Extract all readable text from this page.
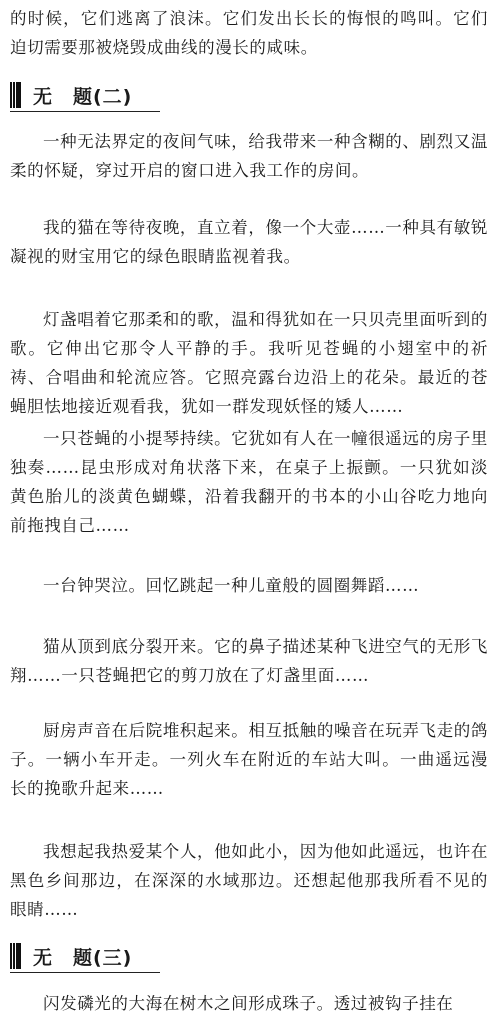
的时候，它们逃离了浪沫。它们发出长长的悔恨的鸣叫。它们迫切需要那被烧毁成曲线的漫长的咸味。

无　题(二)

一种无法界定的夜间气味，给我带来一种含糊的、剧烈又温柔的怀疑，穿过开启的窗口进入我工作的房间。

我的猫在等待夜晚，直立着，像一个大壶……一种具有敏锐凝视的财宝用它的绿色眼睛监视着我。

灯盏唱着它那柔和的歌，温和得犹如在一只贝壳里面听到的歌。它伸出它那令人平静的手。我听见苍蝇的小翅室中的祈祷、合唱曲和轮流应答。它照亮露台边沿上的花朵。最近的苍蝇胆怯地接近观看我，犹如一群发现妖怪的矮人……

一只苍蝇的小提琴持续。它犹如有人在一幢很遥远的房子里独奏……昆虫形成对角状落下来，在桌子上振颤。一只犹如淡黄色胎儿的淡黄色蝴蝶，沿着我翻开的书本的小山谷吃力地向前拖拽自己……

一台钟哭泣。回忆跳起一种儿童般的圆圈舞蹈……

猫从顶到底分裂开来。它的鼻子描述某种飞进空气的无形飞翔……一只苍蝇把它的剪刀放在了灯盏里面……

厨房声音在后院堆积起来。相互抵触的噪音在玩弄飞走的鸽子。一辆小车开走。一列火车在附近的车站大叫。一曲遥远漫长的挽歌升起来……

我想起我热爱某个人，他如此小，因为他如此遥远，也许在黑色乡间那边，在深深的水域那边。还想起他那我所看不见的眼睛……

无　题(三)

闪发磷光的大海在树木之间形成珠子。透过被钩子挂在
